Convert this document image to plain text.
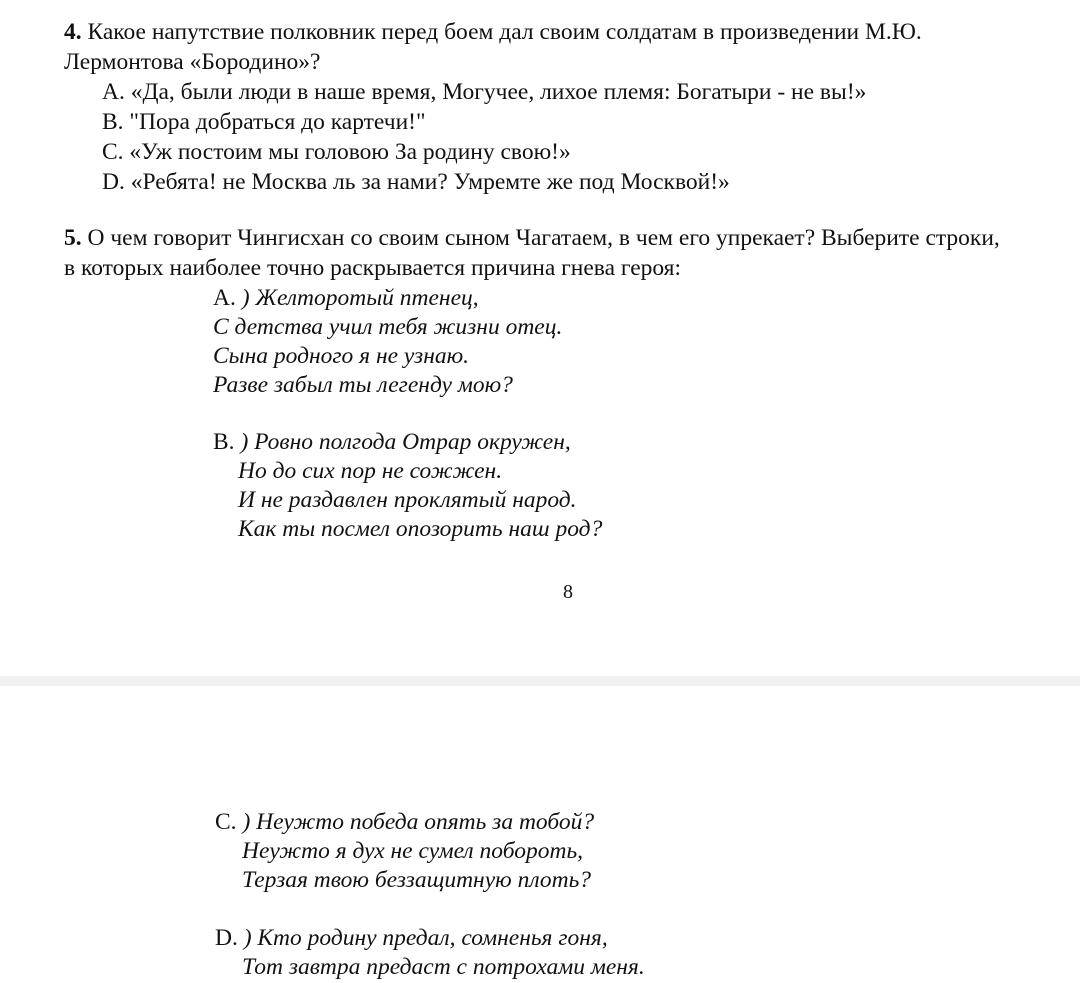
4. Какое напутствие полковник перед боем дал своим солдатам в произведении М.Ю.
Лермонтова «Бородино»?
A. «Да, были люди в наше время, Могучее, лихое племя: Богатыри - не вы!»
B. "Пора добраться до картечи!"
C. «Уж постоим мы головою За родину свою!»
D. «Ребята! не Москва ль за нами? Умремте же под Москвой!»
5. О чем говорит Чингисхан со своим сыном Чагатаем, в чем его упрекает? Выберите строки,
в которых наиболее точно раскрывается причина гнева героя:
A. ) Желторотый птенец,
С детства учил тебя жизни отец.
Сына родного я не узнаю.
Разве забыл ты легенду мою?
B. ) Ровно полгода Отрар окружен,
Но до сих пор не сожжен.
И не раздавлен проклятый народ.
Как ты посмел опозорить наш род?
8
C. ) Неужто победа опять за тобой?
Неужто я дух не сумел побороть,
Терзая твою беззащитную плоть?
D. ) Кто родину предал, сомненья гоня,
Тот завтра предаст с потрохами меня.
